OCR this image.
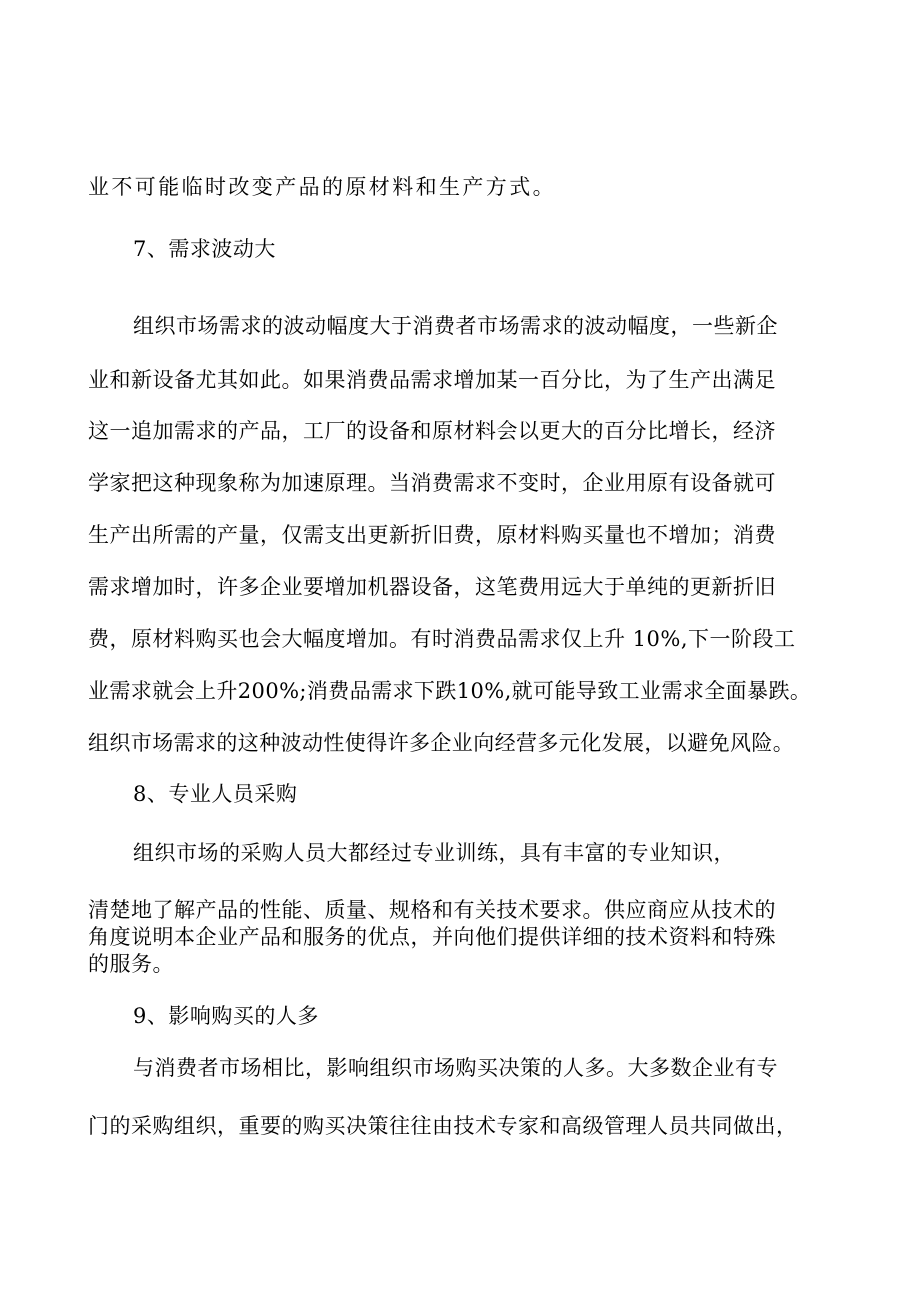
业不可能临时改变产品的原材料和生产方式。
7、需求波动大
组织市场需求的波动幅度大于消费者市场需求的波动幅度，一些新企
业和新设备尤其如此。如果消费品需求增加某一百分比，为了生产出满足
这一追加需求的产品，工厂的设备和原材料会以更大的百分比增长，经济
学家把这种现象称为加速原理。当消费需求不变时，企业用原有设备就可
生产出所需的产量，仅需支出更新折旧费，原材料购买量也不增加；消费
需求增加时，许多企业要增加机器设备，这笔费用远大于单纯的更新折旧
费，原材料购买也会大幅度增加。有时消费品需求仅上升 10%,下一阶段工
业需求就会上升200%;消费品需求下跌10%,就可能导致工业需求全面暴跌。
组织市场需求的这种波动性使得许多企业向经营多元化发展，以避免风险。
8、专业人员采购
组织市场的采购人员大都经过专业训练，具有丰富的专业知识，
清楚地了解产品的性能、质量、规格和有关技术要求。供应商应从技术的
角度说明本企业产品和服务的优点，并向他们提供详细的技术资料和特殊
的服务。
9、影响购买的人多
与消费者市场相比，影响组织市场购买决策的人多。大多数企业有专
门的采购组织，重要的购买决策往往由技术专家和高级管理人员共同做出，
